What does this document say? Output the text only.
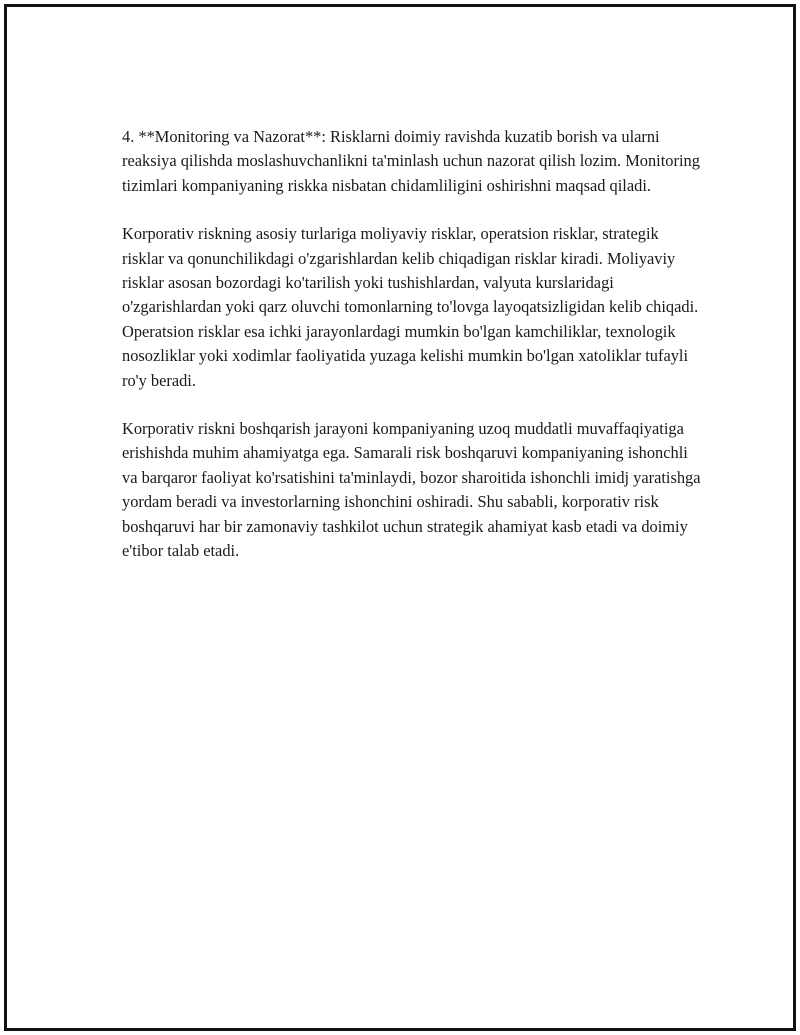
4. **Monitoring va Nazorat**: Risklarni doimiy ravishda kuzatib borish va ularni reaksiya qilishda moslashuvchanlikni ta'minlash uchun nazorat qilish lozim. Monitoring tizimlari kompaniyaning riskka nisbatan chidamliligini oshirishni maqsad qiladi.

Korporativ riskning asosiy turlariga moliyaviy risklar, operatsion risklar, strategik risklar va qonunchilikdagi o'zgarishlardan kelib chiqadigan risklar kiradi. Moliyaviy risklar asosan bozordagi ko'tarilish yoki tushishlardan, valyuta kurslaridagi o'zgarishlardan yoki qarz oluvchi tomonlarning to'lovga layoqatsizligidan kelib chiqadi. Operatsion risklar esa ichki jarayonlardagi mumkin bo'lgan kamchiliklar, texnologik nosozliklar yoki xodimlar faoliyatida yuzaga kelishi mumkin bo'lgan xatoliklar tufayli ro'y beradi.

Korporativ riskni boshqarish jarayoni kompaniyaning uzoq muddatli muvaffaqiyatiga erishishda muhim ahamiyatga ega. Samarali risk boshqaruvi kompaniyaning ishonchli va barqaror faoliyat ko'rsatishini ta'minlaydi, bozor sharoitida ishonchli imidj yaratishga yordam beradi va investorlarning ishonchini oshiradi. Shu sababli, korporativ risk boshqaruvi har bir zamonaviy tashkilot uchun strategik ahamiyat kasb etadi va doimiy e'tibor talab etadi.
